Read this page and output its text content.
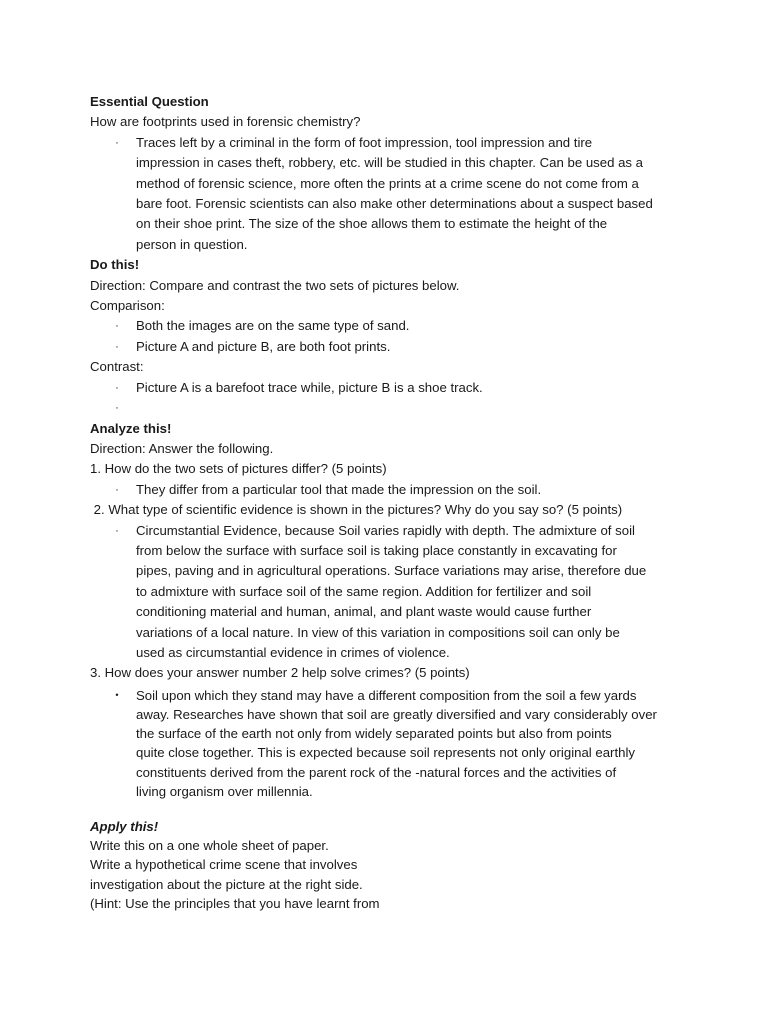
Essential Question
How are footprints used in forensic chemistry?
· Traces left by a criminal in the form of foot impression, tool impression and tire
impression in cases theft, robbery, etc. will be studied in this chapter. Can be used as a
method of forensic science, more often the prints at a crime scene do not come from a
bare foot. Forensic scientists can also make other determinations about a suspect based
on their shoe print. The size of the shoe allows them to estimate the height of the
person in question.
Do this!
Direction: Compare and contrast the two sets of pictures below.
Comparison:
· Both the images are on the same type of sand.
· Picture A and picture B, are both foot prints.
Contrast:
· Picture A is a barefoot trace while, picture B is a shoe track.
·

Analyze this!
Direction: Answer the following.
1. How do the two sets of pictures differ? (5 points)
· They differ from a particular tool that made the impression on the soil.
2. What type of scientific evidence is shown in the pictures? Why do you say so? (5 points)
· Circumstantial Evidence, because Soil varies rapidly with depth. The admixture of soil
from below the surface with surface soil is taking place constantly in excavating for
pipes, paving and in agricultural operations. Surface variations may arise, therefore due
to admixture with surface soil of the same region. Addition for fertilizer and soil
conditioning material and human, animal, and plant waste would cause further
variations of a local nature. In view of this variation in compositions soil can only be
used as circumstantial evidence in crimes of violence.
3. How does your answer number 2 help solve crimes? (5 points)
• Soil upon which they stand may have a different composition from the soil a few yards
away. Researches have shown that soil are greatly diversified and vary considerably over
the surface of the earth not only from widely separated points but also from points
quite close together. This is expected because soil represents not only original earthly
constituents derived from the parent rock of the -natural forces and the activities of
living organism over millennia.
Apply this!
Write this on a one whole sheet of paper.
Write a hypothetical crime scene that involves
investigation about the picture at the right side.
(Hint: Use the principles that you have learnt from
